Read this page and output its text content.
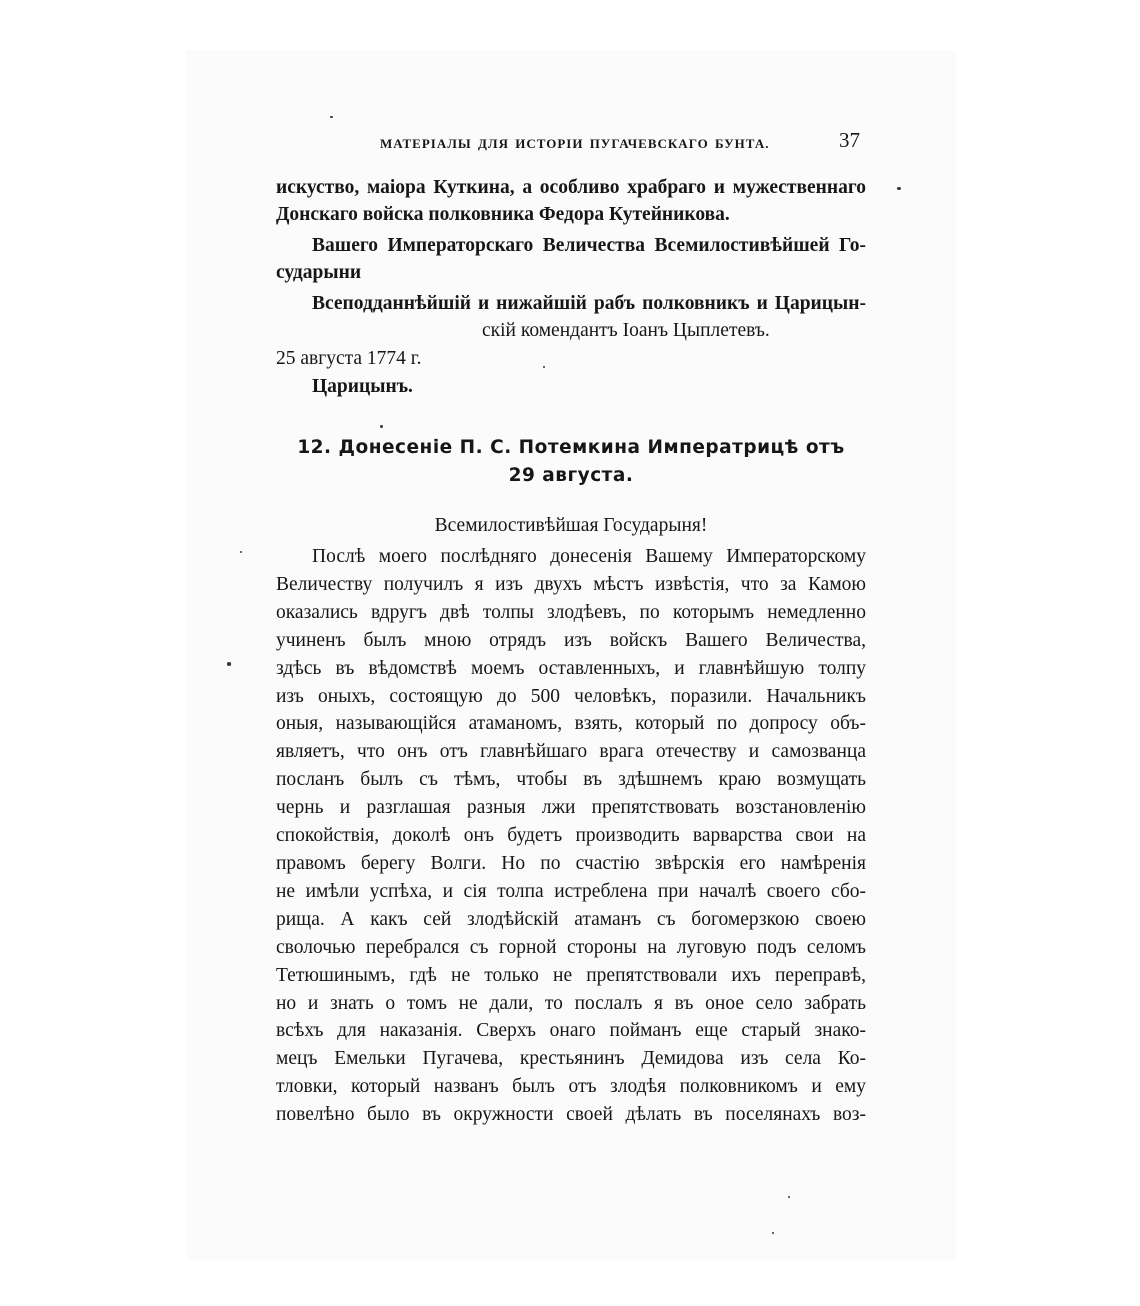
МАТЕРІАЛЫ ДЛЯ ИСТОРІИ ПУГАЧЕВСКАГО БУНТА.	37
искуство, маіора Куткина, а особливо храбраго и мужественнаго
Донскаго войска полковника Федора Кутейникова.
Вашего Императорскаго Величества Всемилостивѣйшей Го-
сударыни
Всеподданнѣйшій и нижайшій рабъ полковникъ и Царицын-
скій комендантъ Іоанъ Цыплетевъ.
25 августа 1774 г.
Царицынъ.
12. Донесеніе П. С. Потемкина Императрицѣ отъ
29 августа.
Всемилостивѣйшая Государыня!
Послѣ моего послѣдняго донесенія Вашему Императорскому
Величеству получилъ я изъ двухъ мѣстъ извѣстія, что за Камою
оказались вдругъ двѣ толпы злодѣевъ, по которымъ немедленно
учиненъ былъ мною отрядъ изъ войскъ Вашего Величества,
здѣсь въ вѣдомствѣ моемъ оставленныхъ, и главнѣйшую толпу
изъ оныхъ, состоящую до 500 человѣкъ, поразили. Начальникъ
оныя, называющійся атаманомъ, взять, который по допросу объ-
являетъ, что онъ отъ главнѣйшаго врага отечеству и самозванца
посланъ былъ съ тѣмъ, чтобы въ здѣшнемъ краю возмущать
чернь и разглашая разныя лжи препятствовать возстановленію
спокойствія, доколѣ онъ будетъ производить варварства свои на
правомъ берегу Волги. Но по счастію звѣрскія его намѣренія
не имѣли успѣха, и сія толпа истреблена при началѣ своего сбо-
рища. А какъ сей злодѣйскій атаманъ съ богомерзкою своею
сволочью перебрался съ горной стороны на луговую подъ селомъ
Тетюшинымъ, гдѣ не только не препятствовали ихъ переправѣ,
но и знать о томъ не дали, то послалъ я въ оное село забрать
всѣхъ для наказанія. Сверхъ онаго пойманъ еще старый знако-
мецъ Емельки Пугачева, крестьянинъ Демидова изъ села Ко-
тловки, который названъ былъ отъ злодѣя полковникомъ и ему
повелѣно было въ окружности своей дѣлать въ поселянахъ воз-
